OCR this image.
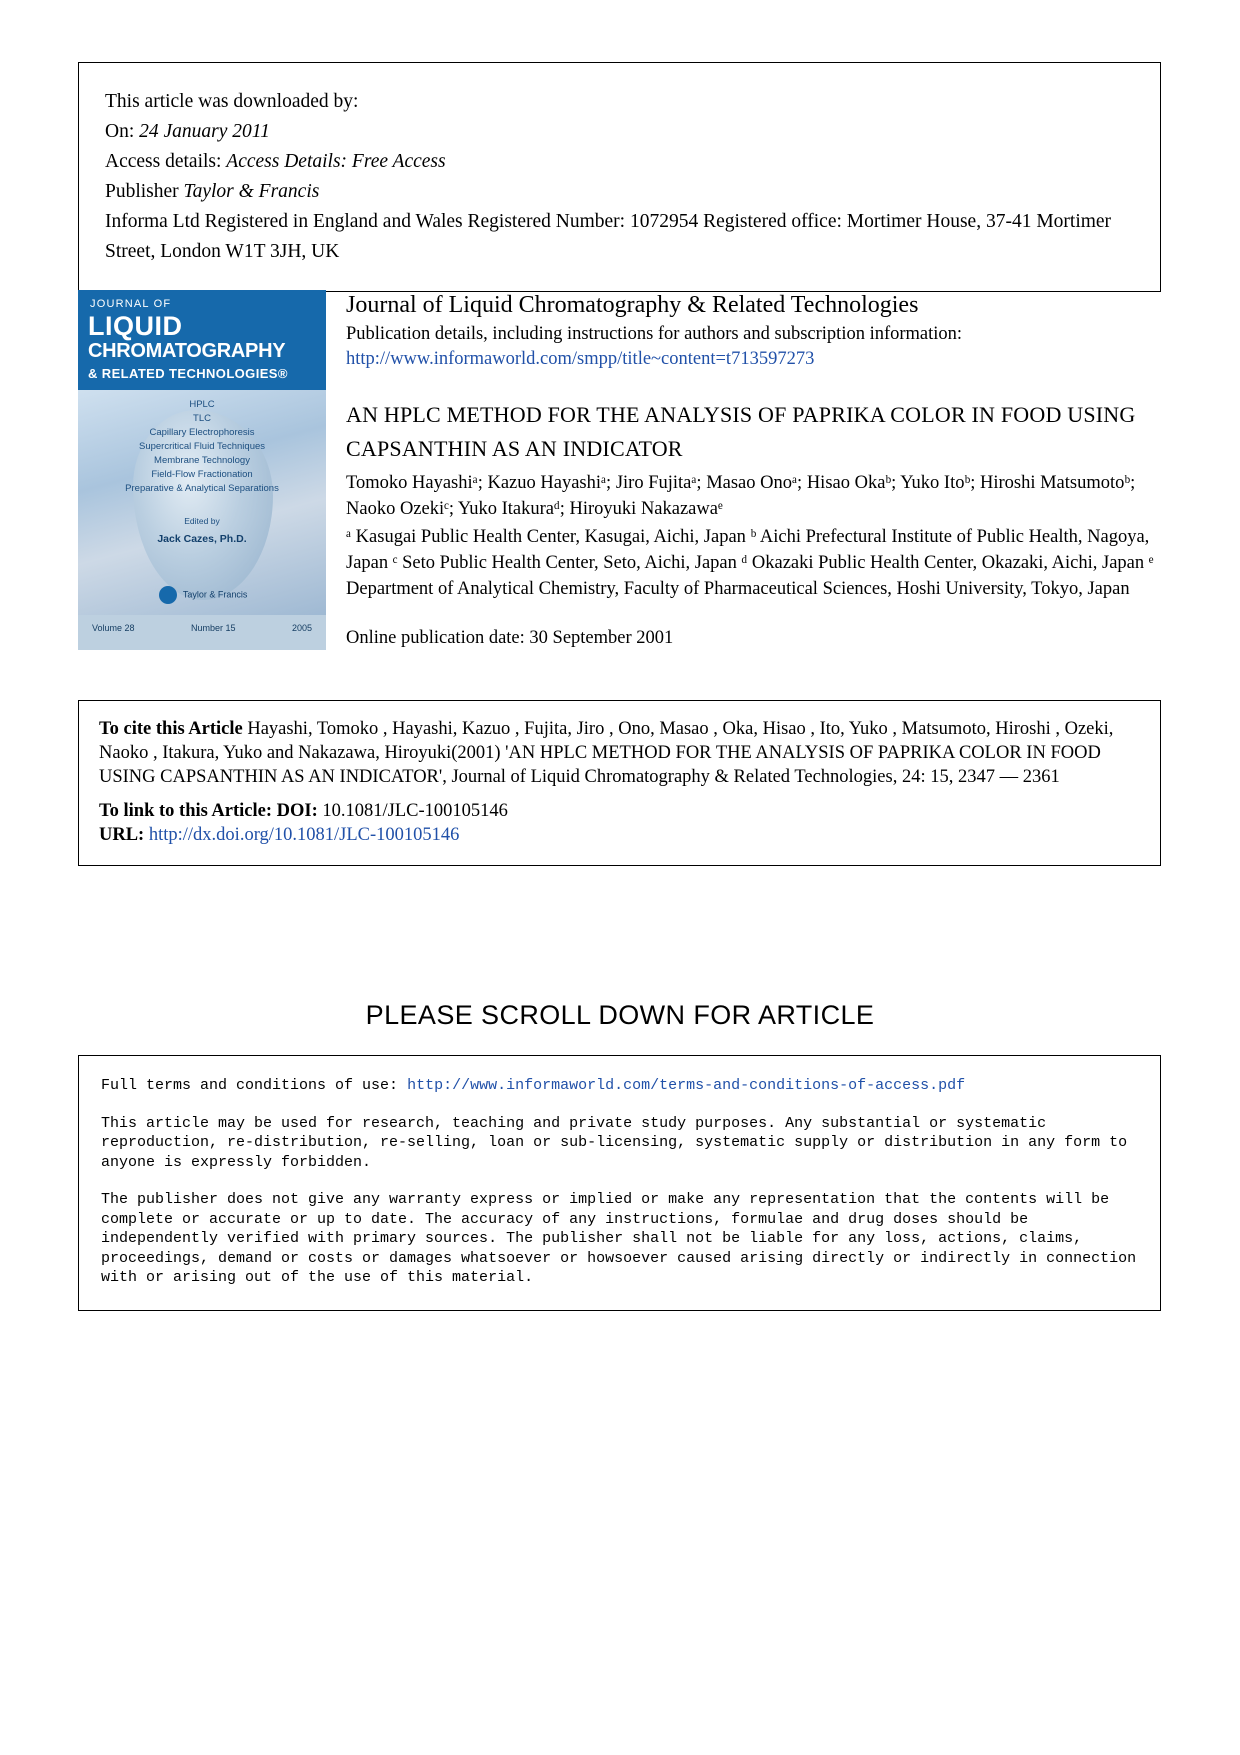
This article was downloaded by:
On: 24 January 2011
Access details: Access Details: Free Access
Publisher Taylor & Francis
Informa Ltd Registered in England and Wales Registered Number: 1072954 Registered office: Mortimer House, 37-41 Mortimer Street, London W1T 3JH, UK
JOURNAL OF
LIQUID
CHROMATOGRAPHY
& RELATED TECHNOLOGIES®
HPLC
TLC
Capillary Electrophoresis
Supercritical Fluid Techniques
Membrane Technology
Field-Flow Fractionation
Preparative & Analytical Separations
Edited by
Jack Cazes, Ph.D.
Taylor & Francis
Volume 28	Number 15	2005
Journal of Liquid Chromatography & Related Technologies
Publication details, including instructions for authors and subscription information:
http://www.informaworld.com/smpp/title~content=t713597273
AN HPLC METHOD FOR THE ANALYSIS OF PAPRIKA COLOR IN FOOD USING CAPSANTHIN AS AN INDICATOR
Tomoko Hayashiᵃ; Kazuo Hayashiᵃ; Jiro Fujitaᵃ; Masao Onoᵃ; Hisao Okaᵇ; Yuko Itoᵇ; Hiroshi Matsumotoᵇ; Naoko Ozekiᶜ; Yuko Itakuraᵈ; Hiroyuki Nakazawaᵉ
ᵃ Kasugai Public Health Center, Kasugai, Aichi, Japan ᵇ Aichi Prefectural Institute of Public Health, Nagoya, Japan ᶜ Seto Public Health Center, Seto, Aichi, Japan ᵈ Okazaki Public Health Center, Okazaki, Aichi, Japan ᵉ Department of Analytical Chemistry, Faculty of Pharmaceutical Sciences, Hoshi University, Tokyo, Japan
Online publication date: 30 September 2001
To cite this Article Hayashi, Tomoko , Hayashi, Kazuo , Fujita, Jiro , Ono, Masao , Oka, Hisao , Ito, Yuko , Matsumoto, Hiroshi , Ozeki, Naoko , Itakura, Yuko and Nakazawa, Hiroyuki(2001) 'AN HPLC METHOD FOR THE ANALYSIS OF PAPRIKA COLOR IN FOOD USING CAPSANTHIN AS AN INDICATOR', Journal of Liquid Chromatography & Related Technologies, 24: 15, 2347 — 2361
To link to this Article: DOI: 10.1081/JLC-100105146
URL: http://dx.doi.org/10.1081/JLC-100105146
PLEASE SCROLL DOWN FOR ARTICLE

Full terms and conditions of use: http://www.informaworld.com/terms-and-conditions-of-access.pdf

This article may be used for research, teaching and private study purposes. Any substantial or systematic reproduction, re-distribution, re-selling, loan or sub-licensing, systematic supply or distribution in any form to anyone is expressly forbidden.

The publisher does not give any warranty express or implied or make any representation that the contents will be complete or accurate or up to date. The accuracy of any instructions, formulae and drug doses should be independently verified with primary sources. The publisher shall not be liable for any loss, actions, claims, proceedings, demand or costs or damages whatsoever or howsoever caused arising directly or indirectly in connection with or arising out of the use of this material.
